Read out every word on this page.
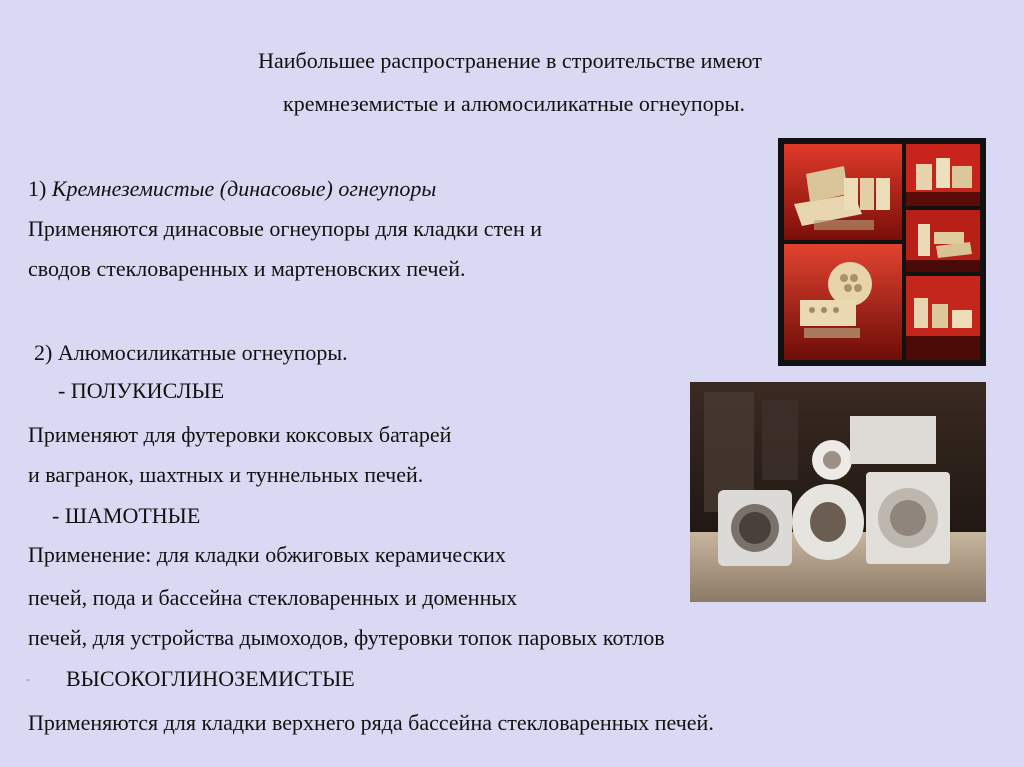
Наибольшее распространение в строительстве имеют
кремнеземистые и алюмосиликатные огнеупоры.
1) Кремнеземистые (динасовые) огнеупоры
Применяются динасовые огнеупоры для кладки стен и
сводов стекловаренных и мартеновских печей.
2) Алюмосиликатные огнеупоры.
- ПОЛУКИСЛЫЕ
Применяют для футеровки коксовых батарей
и вагранок, шахтных и туннельных печей.
- ШАМОТНЫЕ
Применение: для кладки обжиговых керамических
печей, пода и бассейна стекловаренных и доменных
печей, для устройства дымоходов, футеровки топок паровых котлов
- ВЫСОКОГЛИНОЗЕМИСТЫЕ
Применяются для кладки верхнего ряда бассейна стекловаренных печей.
